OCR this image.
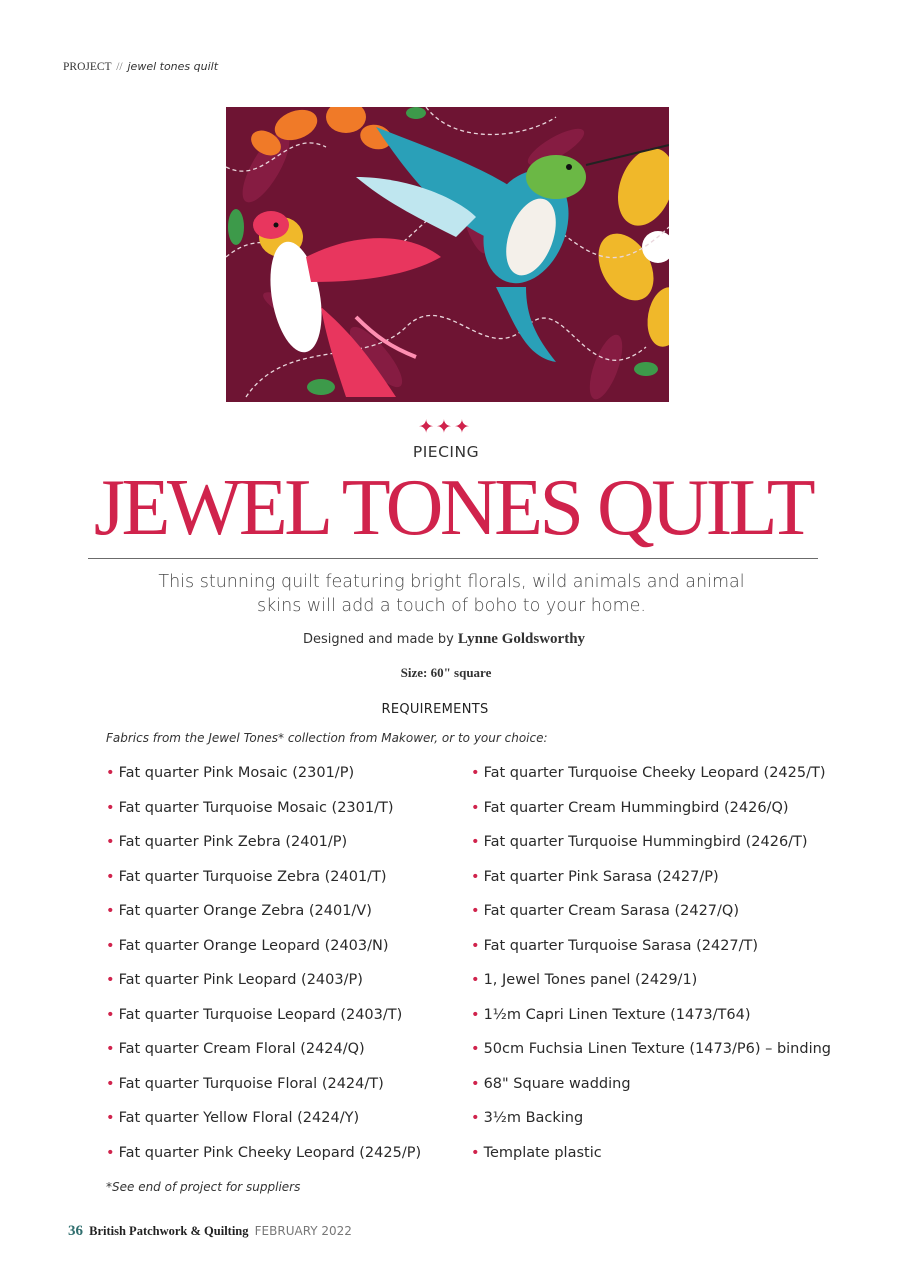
PROJECT // jewel tones quilt
✦✦✦
PIECING
JEWEL TONES QUILT
This stunning quilt featuring bright florals, wild animals and animal skins will add a touch of boho to your home.
Designed and made by Lynne Goldsworthy
Size: 60" square
REQUIREMENTS
Fabrics from the Jewel Tones* collection from Makower, or to your choice:
• Fat quarter Pink Mosaic (2301/P)
• Fat quarter Turquoise Mosaic (2301/T)
• Fat quarter Pink Zebra (2401/P)
• Fat quarter Turquoise Zebra (2401/T)
• Fat quarter Orange Zebra (2401/V)
• Fat quarter Orange Leopard (2403/N)
• Fat quarter Pink Leopard (2403/P)
• Fat quarter Turquoise Leopard (2403/T)
• Fat quarter Cream Floral (2424/Q)
• Fat quarter Turquoise Floral (2424/T)
• Fat quarter Yellow Floral (2424/Y)
• Fat quarter Pink Cheeky Leopard (2425/P)
• Fat quarter Turquoise Cheeky Leopard (2425/T)
• Fat quarter Cream Hummingbird (2426/Q)
• Fat quarter Turquoise Hummingbird (2426/T)
• Fat quarter Pink Sarasa (2427/P)
• Fat quarter Cream Sarasa (2427/Q)
• Fat quarter Turquoise Sarasa (2427/T)
• 1, Jewel Tones panel (2429/1)
• 1½m Capri Linen Texture (1473/T64)
• 50cm Fuchsia Linen Texture (1473/P6) – binding
• 68" Square wadding
• 3½m Backing
• Template plastic
*See end of project for suppliers
36 British Patchwork & Quilting FEBRUARY 2022
